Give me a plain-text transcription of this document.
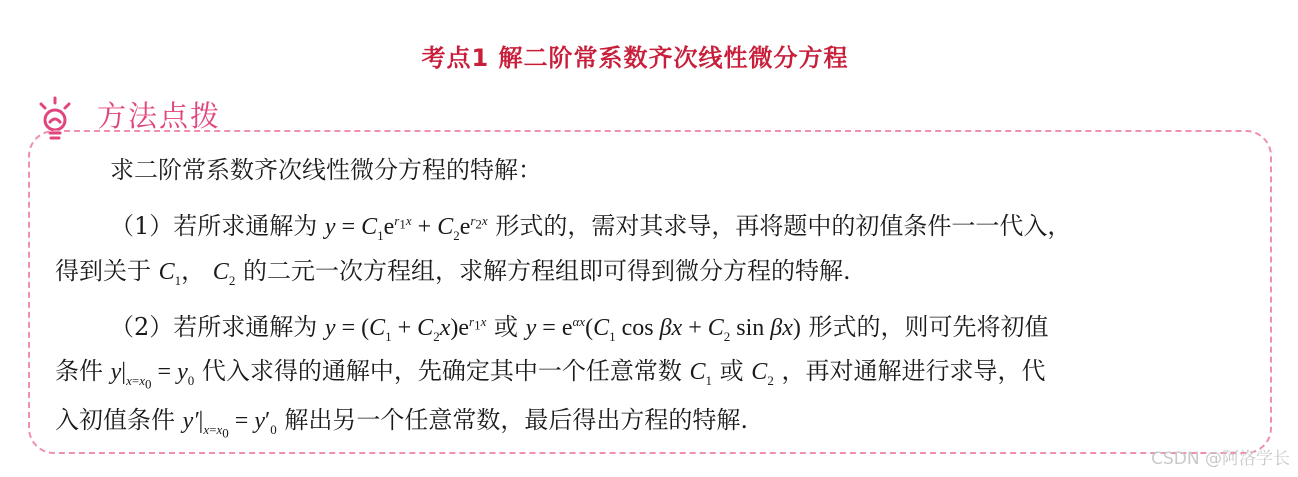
考点1 解二阶常系数齐次线性微分方程
方法点拨
求二阶常系数齐次线性微分方程的特解：
（1）若所求通解为 $y = C_1e^{r_1x} + C_2e^{r_2x}$ 形式的，需对其求导，再将题中的初值条件一一代入，
得到关于 $C_1$， $C_2$ 的二元一次方程组，求解方程组即可得到微分方程的特解.
（2）若所求通解为 $y = (C_1 + C_2x)e^{r_1x}$ 或 $y = e^{\alpha x}(C_1$ $\cos \beta x + C_2$ sin βx) 形式的，则可先将初值
条件 $y|_{x=x_0} = y_0$ 代入求得的通解中，先确定其中一个任意常数 $C_1$ 或 $C_2$ ，再对通解进行求导，代
入初值条件 $y'|_{x=x_0} = y'_0$ 解出另一个任意常数，最后得出方程的特解.
CSDN @阿洛学长
